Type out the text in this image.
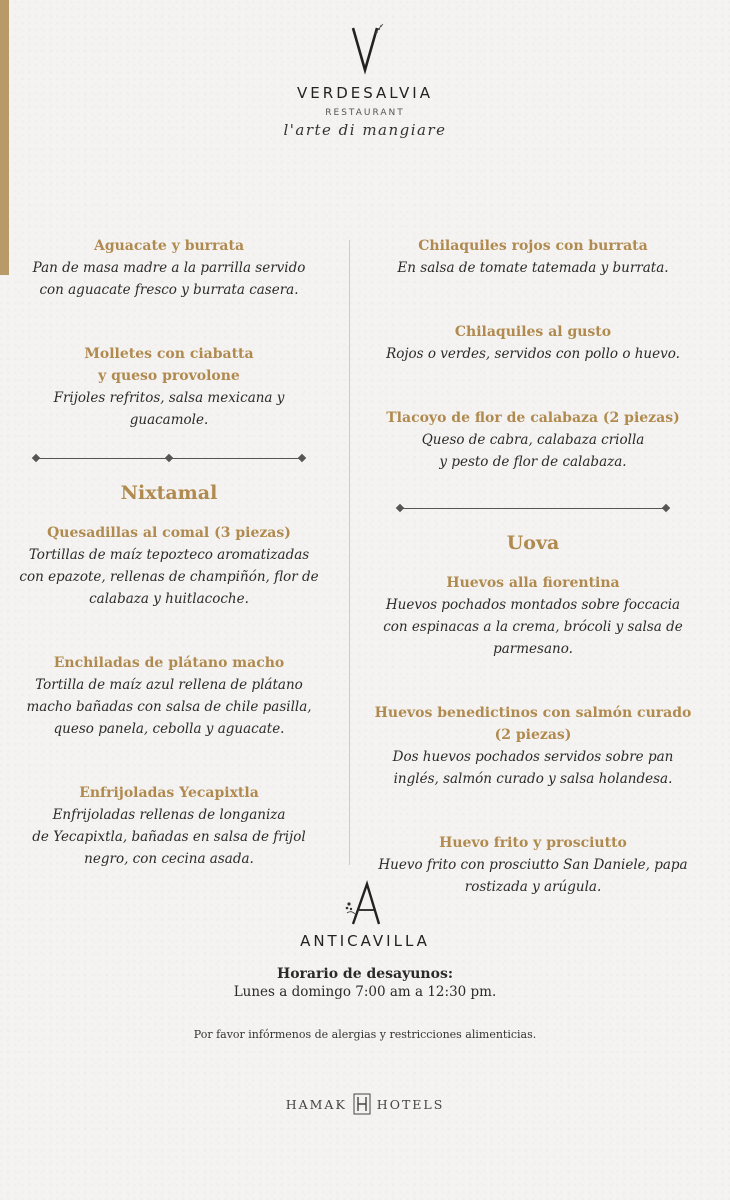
VERDESALVIA
RESTAURANT
l'arte di mangiare
Aguacate y burrata
Pan de masa madre a la parrilla servido
con aguacate fresco y burrata casera.
Molletes con ciabatta
y queso provolone
Frijoles refritos, salsa mexicana y
guacamole.
Nixtamal
Quesadillas al comal (3 piezas)
Tortillas de maíz tepozteco aromatizadas
con epazote, rellenas de champiñón, flor de
calabaza y huitlacoche.
Enchiladas de plátano macho
Tortilla de maíz azul rellena de plátano
macho bañadas con salsa de chile pasilla,
queso panela, cebolla y aguacate.
Enfrijoladas Yecapixtla
Enfrijoladas rellenas de longaniza
de Yecapixtla, bañadas en salsa de frijol
negro, con cecina asada.
Chilaquiles rojos con burrata
En salsa de tomate tatemada y burrata.
Chilaquiles al gusto
Rojos o verdes, servidos con pollo o huevo.
Tlacoyo de flor de calabaza (2 piezas)
Queso de cabra, calabaza criolla
y pesto de flor de calabaza.
Uova
Huevos alla fiorentina
Huevos pochados montados sobre foccacia
con espinacas a la crema, brócoli y salsa de
parmesano.
Huevos benedictinos con salmón curado
(2 piezas)
Dos huevos pochados servidos sobre pan
inglés, salmón curado y salsa holandesa.
Huevo frito y prosciutto
Huevo frito con prosciutto San Daniele, papa
rostizada y arúgula.
ANTICAVILLA
Horario de desayunos:
Lunes a domingo 7:00 am a 12:30 pm.
Por favor infórmenos de alergias y restricciones alimenticias.
HAMAK HOTELS
